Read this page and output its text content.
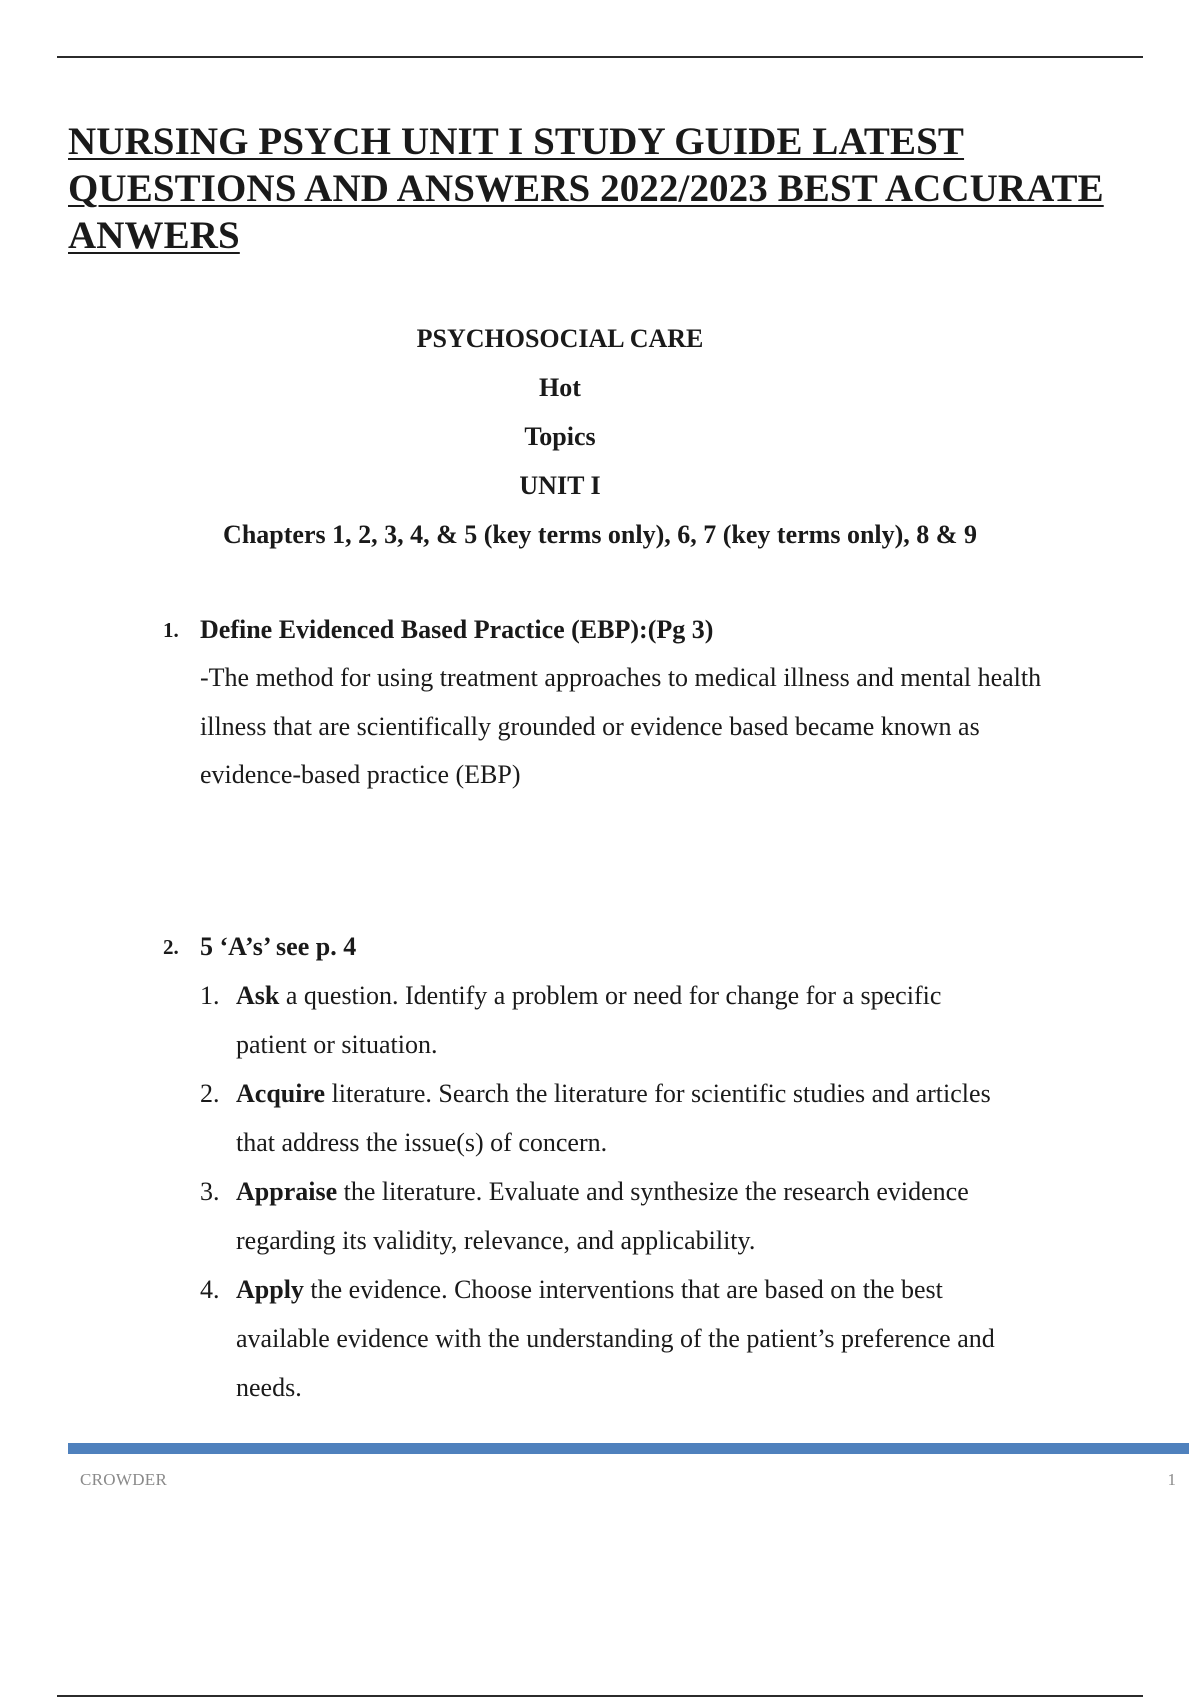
NURSING PSYCH UNIT I STUDY GUIDE LATEST QUESTIONS AND ANSWERS 2022/2023 BEST ACCURATE ANWERS
PSYCHOSOCIAL CARE
Hot
Topics
UNIT I
Chapters 1, 2, 3, 4, & 5 (key terms only), 6, 7 (key terms only), 8 & 9
1. Define Evidenced Based Practice (EBP):(Pg 3)
-The method for using treatment approaches to medical illness and mental health illness that are scientifically grounded or evidence based became known as evidence-based practice (EBP)
2. 5 ‘A’s’ see p. 4
1. Ask a question. Identify a problem or need for change for a specific patient or situation.
2. Acquire literature. Search the literature for scientific studies and articles that address the issue(s) of concern.
3. Appraise the literature. Evaluate and synthesize the research evidence regarding its validity, relevance, and applicability.
4. Apply the evidence. Choose interventions that are based on the best available evidence with the understanding of the patient’s preference and needs.
CROWDER	1
